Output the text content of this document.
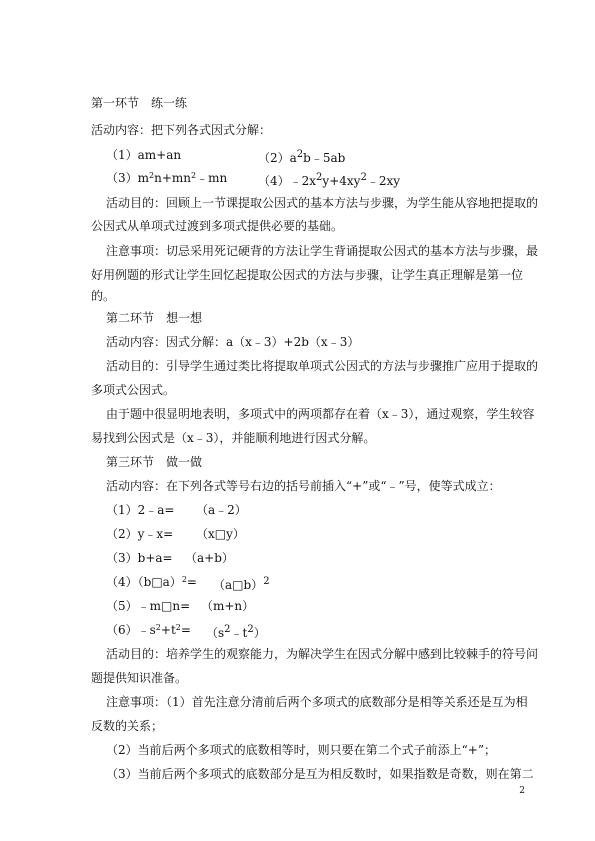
第一环节　练一练
活动内容：把下列各式因式分解：
（1）am+an	$(2)a^2b﹣5ab$
$(3)m^2n+mn^2﹣mn$	$(4)﹣2x^2y+4xy^2﹣2xy$
活动目的：回顾上一节课提取公因式的基本方法与步骤，为学生能从容地把提取的
公因式从单项式过渡到多项式提供必要的基础。
注意事项：切忌采用死记硬背的方法让学生背诵提取公因式的基本方法与步骤，最
好用例题的形式让学生回忆起提取公因式的方法与步骤，让学生真正理解是第一位
的。
第二环节　想一想
活动内容：因式分解：a（x﹣3）+2b（x﹣3）
活动目的：引导学生通过类比将提取单项式公因式的方法与步骤推广应用于提取的
多项式公因式。
由于题中很显明地表明，多项式中的两项都存在着（x﹣3），通过观察，学生较容
易找到公因式是（x﹣3），并能顺利地进行因式分解。
第三环节　做一做
活动内容：在下列各式等号右边的括号前插入“+”或“﹣”号，使等式成立：
（1）2﹣a= （a﹣2）
（2）y﹣x= （x□y）
（3）b+a= （a+b）
（4）（b□a）$^2$= （a□b）$^2$
（5）﹣m□n= （m+n）
$(6)﹣s^2+t^2=$ $(s^2﹣t^2)$
活动目的：培养学生的观察能力，为解决学生在因式分解中感到比较棘手的符号问
题提供知识准备。
注意事项：（1）首先注意分清前后两个多项式的底数部分是相等关系还是互为相
反数的关系；
（2）当前后两个多项式的底数相等时，则只要在第二个式子前添上“+”；
（3）当前后两个多项式的底数部分是互为相反数时，如果指数是奇数，则在第二
2
